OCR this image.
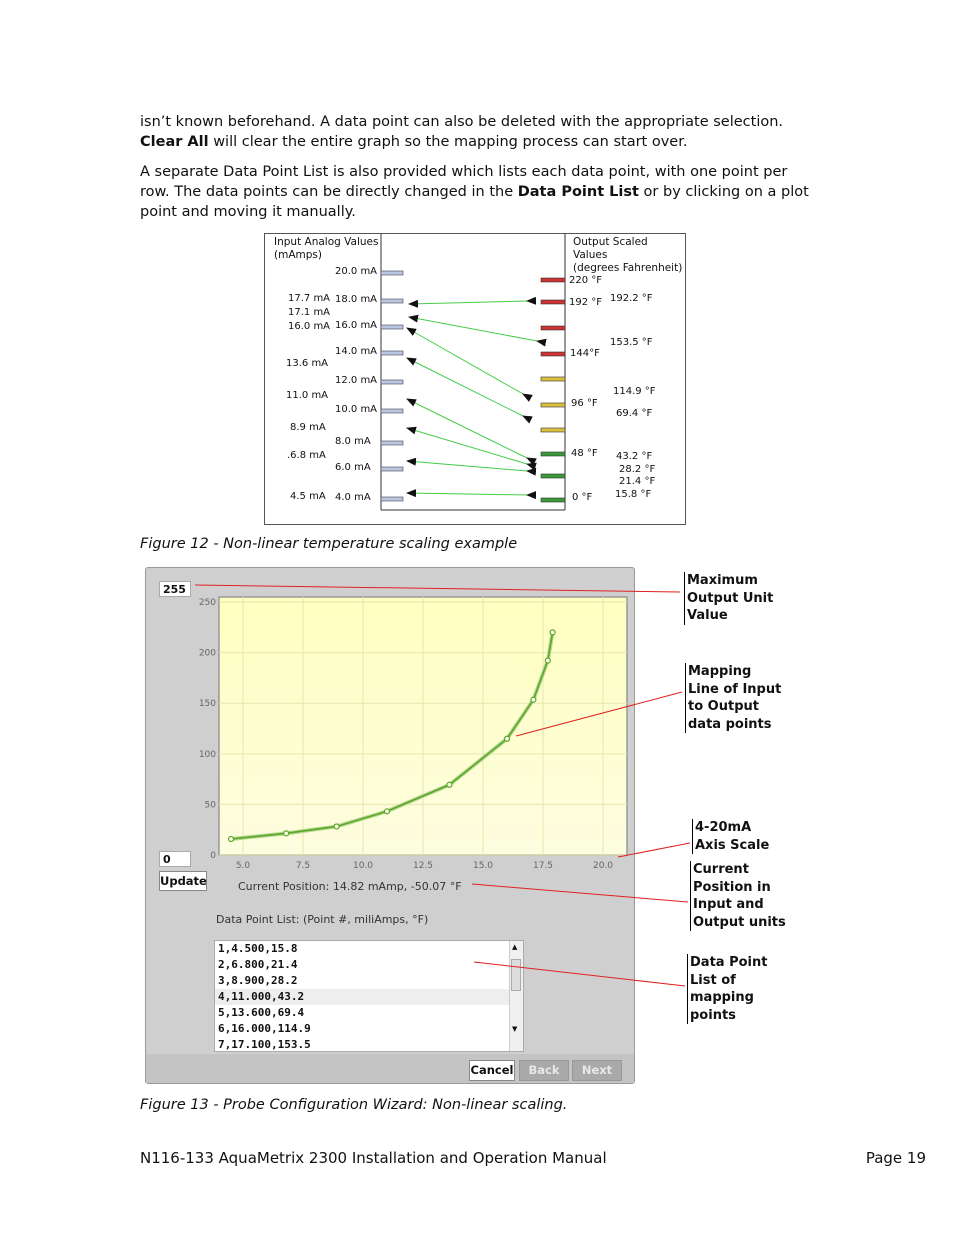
isn’t known beforehand. A data point can also be deleted with the appropriate selection. Clear All will clear the entire graph so the mapping process can start over.
A separate Data Point List is also provided which lists each data point, with one point per row. The data points can be directly changed in the Data Point List or by clicking on a plot point and moving it manually.
Input Analog Values
(mAmps)
Output Scaled Values
(degrees Fahrenheit)
20.0 mA
18.0 mA
16.0 mA
14.0 mA
12.0 mA
10.0 mA
8.0 mA
6.0 mA
4.0 mA
17.7 mA
17.1 mA
16.0 mA
13.6 mA
11.0 mA
8.9 mA
.6.8 mA
4.5 mA
220 °F
192 °F
144°F
96 °F
48 °F
0 °F
192.2 °F
153.5 °F
114.9 °F
69.4 °F
43.2 °F
28.2 °F
21.4 °F
15.8 °F
Figure 12 - Non-linear temperature scaling example
255
5.0	7.5	10.0	12.5	15.0	17.5	20.0
0
50
100
150
200
250
0
Update	Current Position: 14.82 mAmp, -50.07 °F
Data Point List: (Point #, miliAmps, °F)
1,4.500,15.8
2,6.800,21.4
3,8.900,28.2
4,11.000,43.2
5,13.600,69.4
6,16.000,114.9
7,17.100,153.5
▲
▼
Cancel	Back	Next
Maximum
Output Unit
Value
Mapping
Line of Input
to Output
data points
4-20mA
Axis Scale
Current
Position in
Input and
Output units
Data Point
List of
mapping
points
Figure 13 - Probe Configuration Wizard: Non-linear scaling.
N116-133 AquaMetrix 2300 Installation and Operation Manual	Page 19
